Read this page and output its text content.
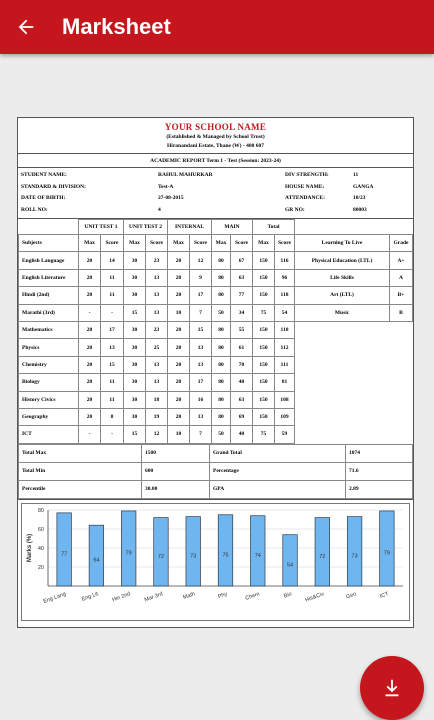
Marksheet
YOUR SCHOOL NAME
(Established & Managed by School Trust)
Hiranandani Estate, Thane (W) - 400 607
ACADEMIC REPORT Term 1 - Test (Session: 2023-24)
STUDENT NAME:	RAHUL MAHURKAR	DIV STRENGTH:	11
STANDARD & DIVISION:	Test-A	HOUSE NAME:	GANGA
DATE OF BIRTH:	27-08-2015	ATTENDANCE:	10/23
ROLL NO:	4	GR NO:	80003
	UNIT TEST 1		UNIT TEST 2		INTERNAL		MAIN		Total			
Subjects	Max	Score	Max	Score	Max	Score	Max	Score	Max	Score	Learning To Live	Grade
English Language	20	14	30	23	20	12	80	67	150	116	Physical Education (LTL)	A+
English Literature	20	11	30	13	20	9	80	63	150	96	Life Skills	A
Hindi (2nd)	20	11	30	13	20	17	80	77	150	118	Art (LTL)	B+
Marathi (3rd)	-	-	15	13	10	7	50	34	75	54	Music	B
Mathematics	20	17	30	23	20	15	80	55	150	110		
Physics	20	13	30	25	20	13	80	61	150	112		
Chemistry	20	15	30	13	20	13	80	70	150	111		
Biology	20	11	30	13	20	17	80	40	150	81		
History Civics	20	11	30	18	20	16	80	63	150	108		
Geography	20	8	30	19	20	13	80	69	150	109		
ICT	-	-	15	12	10	7	50	40	75	59		
Total Max	1500	Grand Total	1074
Total Min	600	Percentage	71.6
Percentile	30.00	GPA	2.89
20
40
60
80
Marks (%)	77
Eng Lang
64
Eng Lit
79
Hin 2nd
72
Mar 3rd
73
Math
75
Phy
74
Chem
54
Bio
72
His&Civ
73
Geo
79
ICT
